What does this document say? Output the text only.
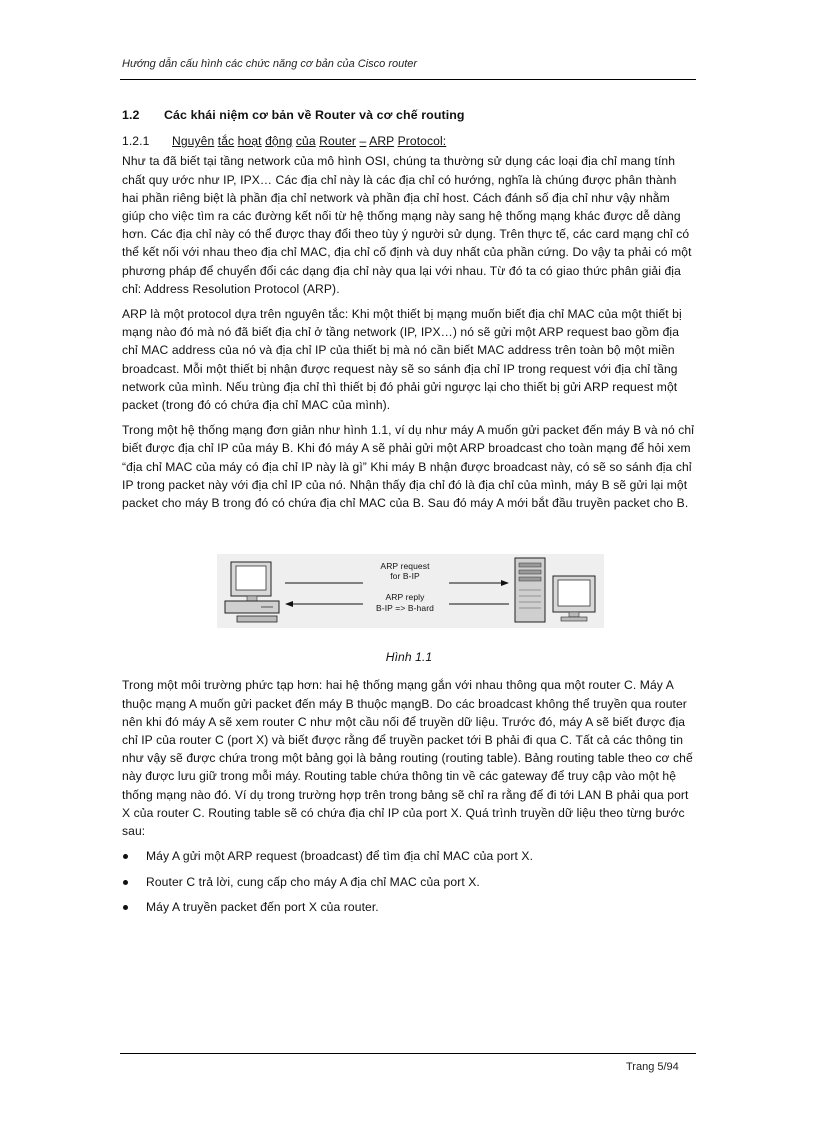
Hướng dẫn cấu hình các chức năng cơ bản của Cisco router
1.2 Các khái niệm cơ bản về Router và cơ chế routing
1.2.1 Nguyên tắc hoạt động của Router – ARP Protocol:

Như ta đã biết tại tầng network của mô hình OSI, chúng ta thường sử dụng các loại địa chỉ mang tính chất quy ước như IP, IPX… Các địa chỉ này là các địa chỉ có hướng, nghĩa là chúng được phân thành hai phần riêng biệt là phần địa chỉ network và phần địa chỉ host. Cách đánh số địa chỉ như vậy nhằm giúp cho việc tìm ra các đường kết nối từ hệ thống mạng này sang hệ thống mạng khác được dễ dàng hơn. Các địa chỉ này có thể được thay đổi theo tùy ý người sử dụng. Trên thực tế, các card mạng chỉ có thể kết nối với nhau theo địa chỉ MAC, địa chỉ cố định và duy nhất của phần cứng. Do vậy ta phải có một phương pháp để chuyển đổi các dạng địa chỉ này qua lại với nhau. Từ đó ta có giao thức phân giải địa chỉ: Address Resolution Protocol (ARP).

ARP là một protocol dựa trên nguyên tắc: Khi một thiết bị mạng muốn biết địa chỉ MAC của một thiết bị mạng nào đó mà nó đã biết địa chỉ ở tầng network (IP, IPX…) nó sẽ gửi một ARP request bao gồm địa chỉ MAC address của nó và địa chỉ IP của thiết bị mà nó cần biết MAC address trên toàn bộ một miền broadcast. Mỗi một thiết bị nhận được request này sẽ so sánh địa chỉ IP trong request với địa chỉ tầng network của mình. Nếu trùng địa chỉ thì thiết bị đó phải gửi ngược lại cho thiết bị gửi ARP request một packet (trong đó có chứa địa chỉ MAC của mình).

Trong một hệ thống mạng đơn giản như hình 1.1, ví dụ như máy A muốn gửi packet đến máy B và nó chỉ biết được địa chỉ IP của máy B. Khi đó máy A sẽ phải gửi một ARP broadcast cho toàn mạng để hỏi xem “địa chỉ MAC của máy có địa chỉ IP này là gì” Khi máy B nhận được broadcast này, có sẽ so sánh địa chỉ IP trong packet này với địa chỉ IP của nó. Nhận thấy địa chỉ đó là địa chỉ của mình, máy B sẽ gửi lại một packet cho máy B trong đó có chứa địa chỉ MAC của B. Sau đó máy A mới bắt đầu truyền packet cho B.

ARP request
for B-IP
ARP reply
B-IP => B-hard
Hình 1.1

Trong một môi trường phức tạp hơn: hai hệ thống mạng gắn với nhau thông qua một router C. Máy A thuộc mạng A muốn gửi packet đến máy B thuộc mạngB. Do các broadcast không thể truyền qua router nên khi đó máy A sẽ xem router C như một cầu nối để truyền dữ liệu. Trước đó, máy A sẽ biết được địa chỉ IP của router C (port X) và biết được rằng để truyền packet tới B phải đi qua C. Tất cả các thông tin như vậy sẽ được chứa trong một bảng gọi là bảng routing (routing table). Bảng routing table theo cơ chế này được lưu giữ trong mỗi máy. Routing table chứa thông tin về các gateway để truy cập vào một hệ thống mạng nào đó. Ví dụ trong trường hợp trên trong bảng sẽ chỉ ra rằng để đi tới LAN B phải qua port X của router C. Routing table sẽ có chứa địa chỉ IP của port X. Quá trình truyền dữ liệu theo từng bước sau:

Máy A gửi một ARP request (broadcast) để tìm địa chỉ MAC của port X.
Router C trả lời, cung cấp cho máy A địa chỉ MAC của port X.
Máy A truyền packet đến port X của router.
Trang 5/94
